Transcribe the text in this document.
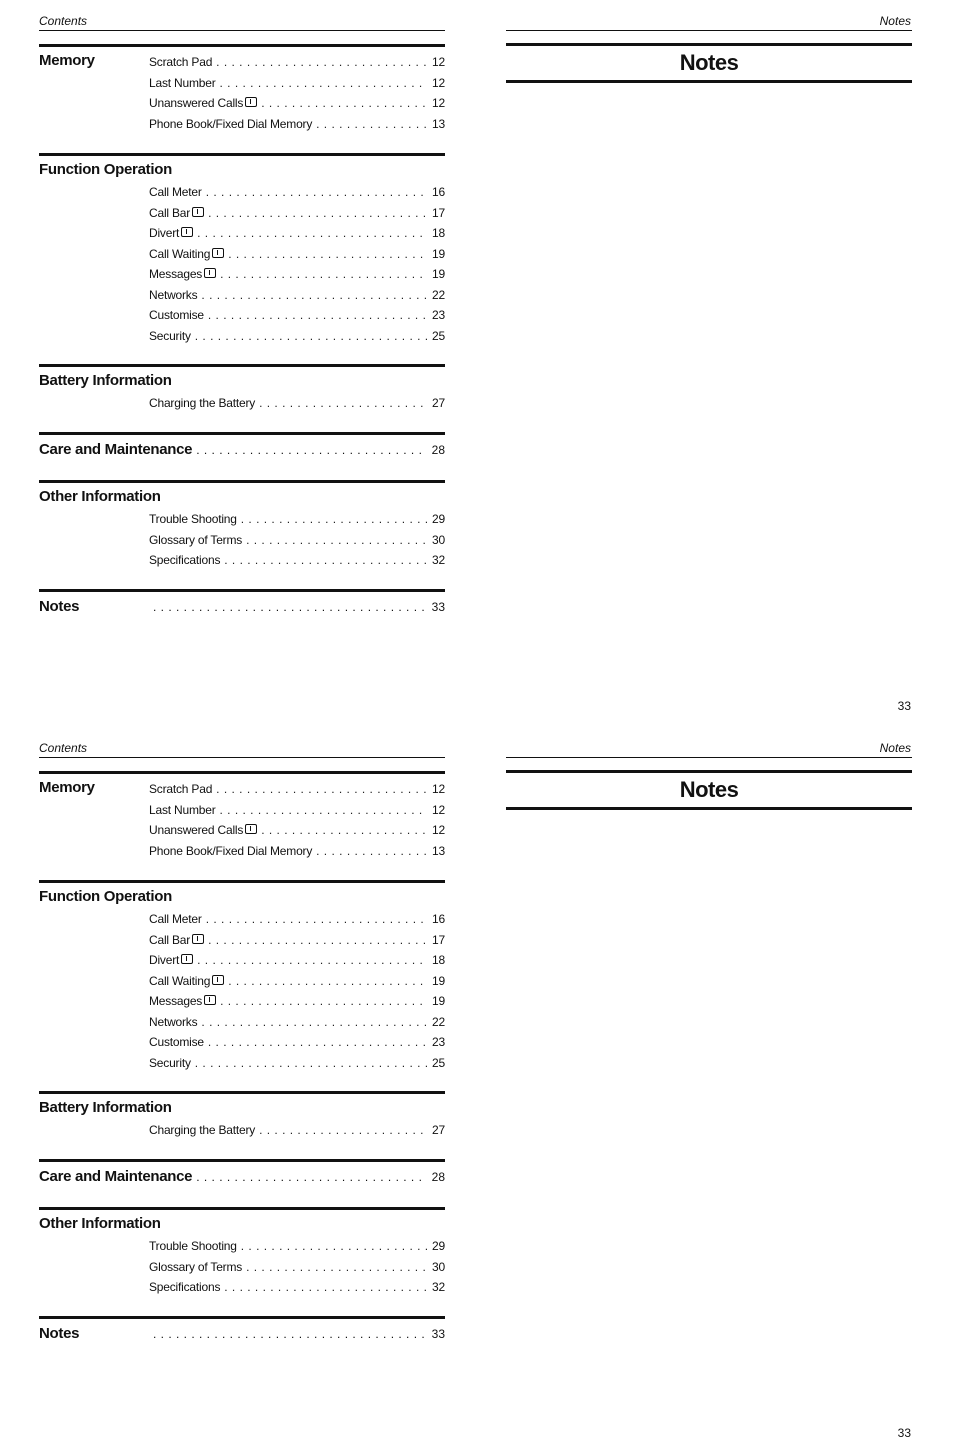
Contents	Notes
Memory	Scratch Pad . . .	12
Last Number . . .	12
Unanswered Calls . . .	12
Phone Book/Fixed Dial Memory . . .	13
Function Operation
Call Meter . . .	16
Call Bar . . .	17
Divert . . .	18
Call Waiting . . .	19
Messages . . .	19
Networks . . .	22
Customise . . .	23
Security . . .	25
Battery Information
Charging the Battery . . .	27
Care and Maintenance . . .	28
Other Information
Trouble Shooting . . .	29
Glossary of Terms . . .	30
Specifications . . .	32
Notes . . .	33
Notes
33
Contents	Notes
Memory	Scratch Pad . . .	12
Last Number . . .	12
Unanswered Calls . . .	12
Phone Book/Fixed Dial Memory . . .	13
Function Operation
Call Meter . . .	16
Call Bar . . .	17
Divert . . .	18
Call Waiting . . .	19
Messages . . .	19
Networks . . .	22
Customise . . .	23
Security . . .	25
Battery Information
Charging the Battery . . .	27
Care and Maintenance . . .	28
Other Information
Trouble Shooting . . .	29
Glossary of Terms . . .	30
Specifications . . .	32
Notes . . .	33
Notes
33
